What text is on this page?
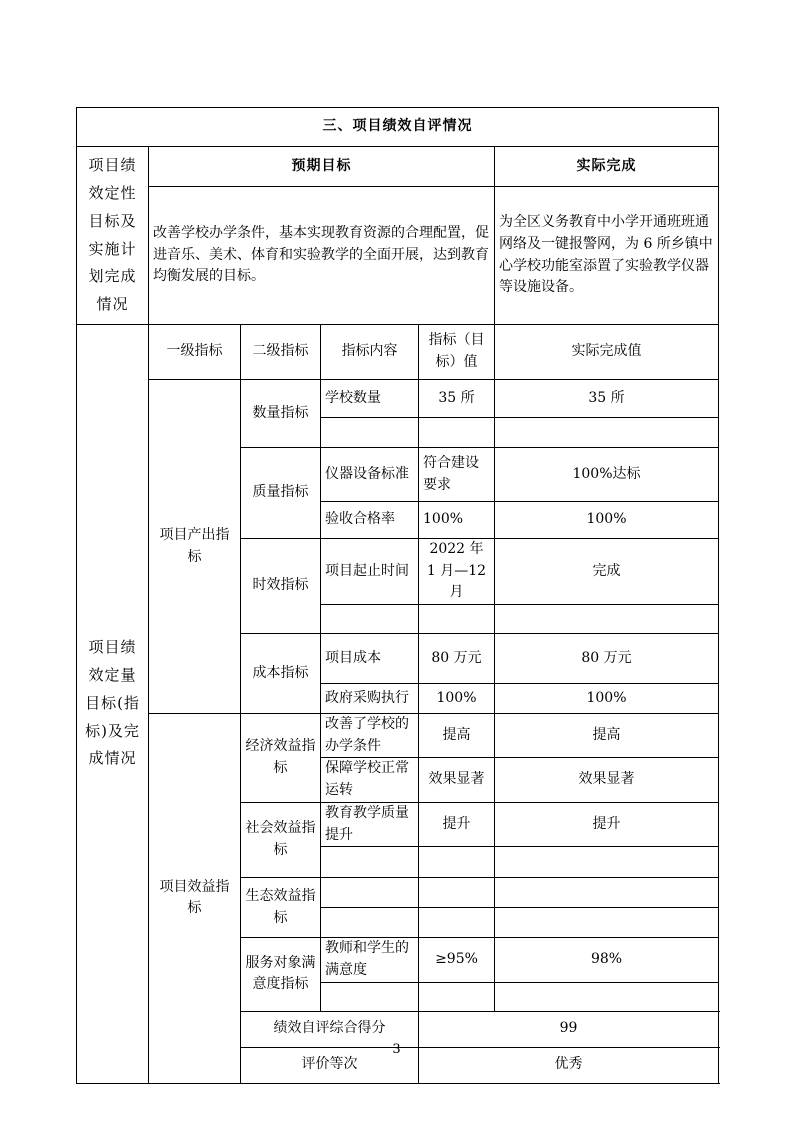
三、项目绩效自评情况					

项目绩效定性目标及实施计划完成情况	预期目标				实际完成
	改善学校办学条件，基本实现教育资源的合理配置，促进音乐、美术、体育和实验教学的全面开展，达到教育均衡发展的目标。				为全区义务教育中小学开通班班通网络及一键报警网，为 6 所乡镇中心学校功能室添置了实验教学仪器等设施设备。

项目绩效定量目标(指标)及完成情况	一级指标	二级指标	指标内容	指标（目标）值	实际完成值
	项目产出指标	数量指标	学校数量	35 所	35 所

		质量指标	仪器设备标准	符合建设要求	100%达标
			验收合格率	100%	100%
		时效指标	项目起止时间	2022 年 1 月—12 月	完成

		成本指标	项目成本	80 万元	80 万元
			政府采购执行	100%	100%
	项目效益指标	经济效益指标	改善了学校的办学条件	提高	提高
			保障学校正常运转	效果显著	效果显著
		社会效益指标	教育教学质量提升	提升	提升

		生态效益指标			

		服务对象满意度指标	教师和学生的满意度	≥95%	98%

		绩效自评综合得分		99	
		评价等次		优秀	
3
